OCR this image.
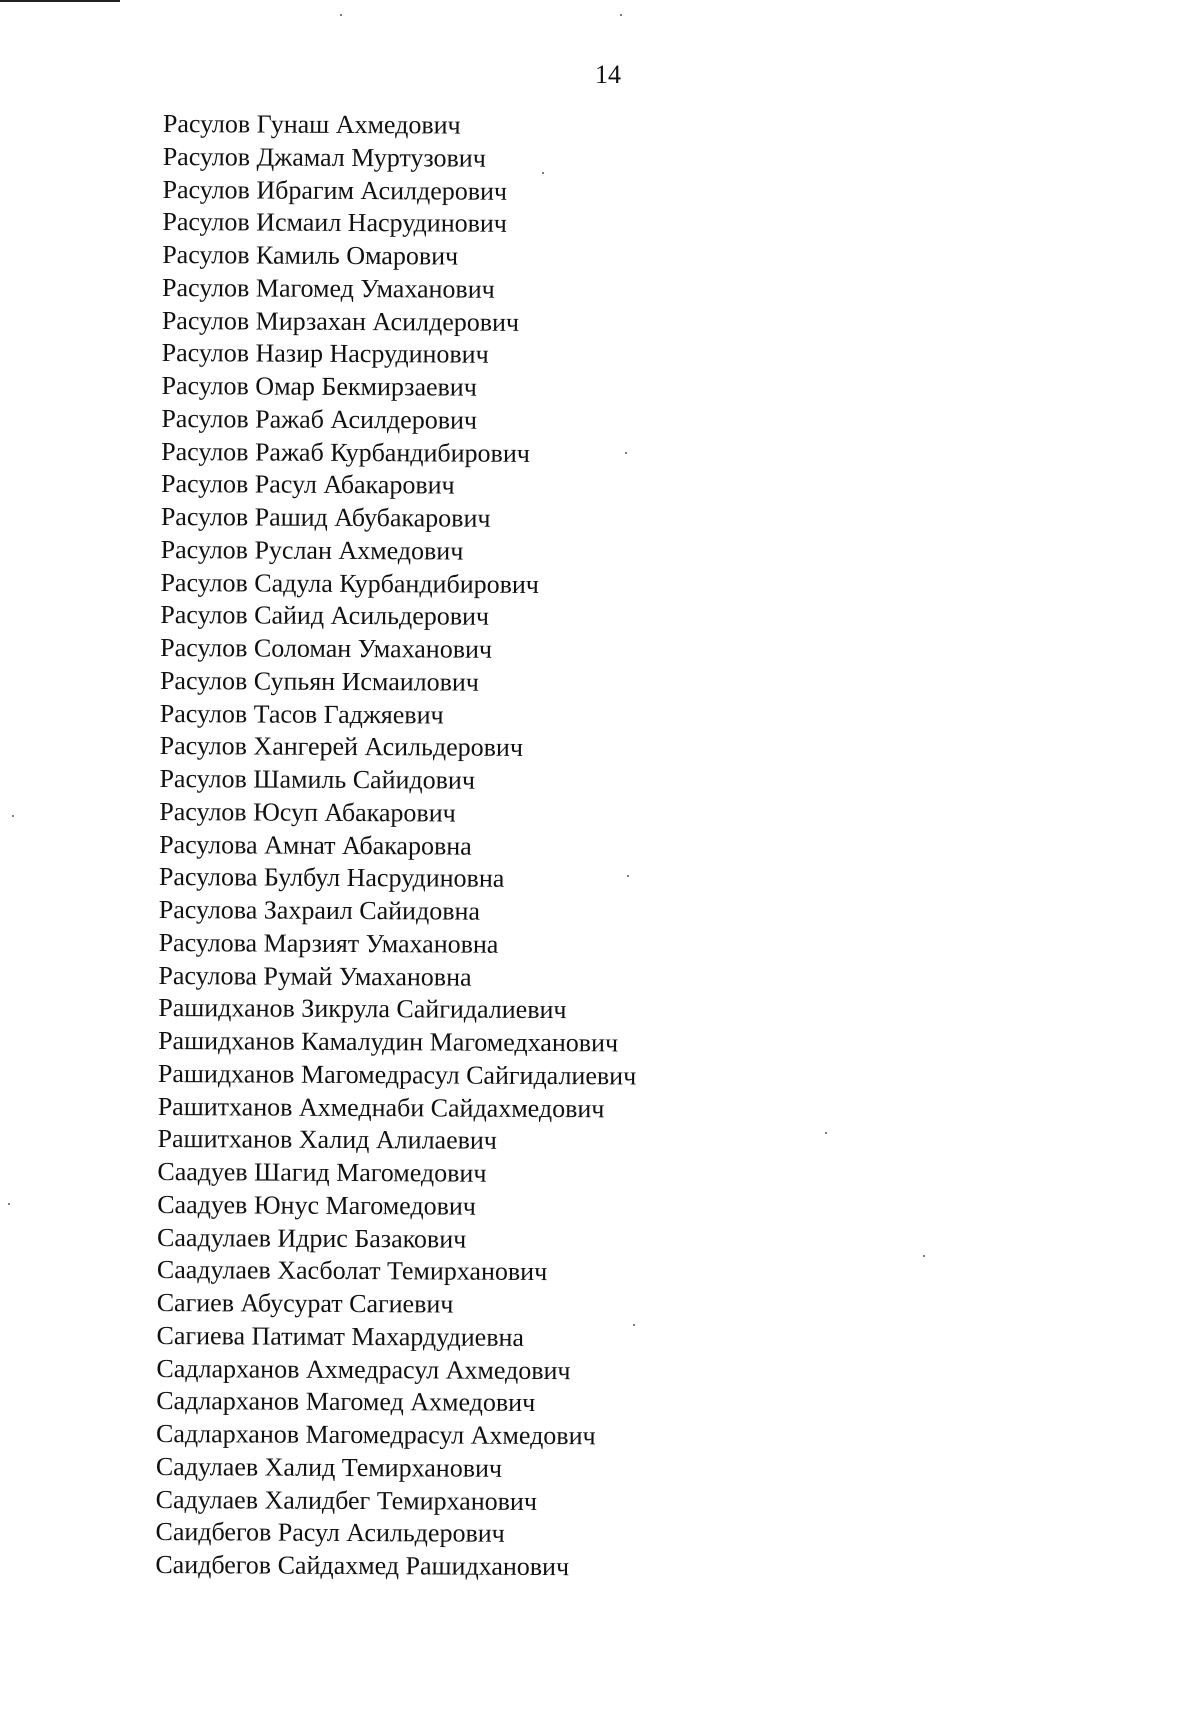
14
Расулов Гунаш Ахмедович
Расулов Джамал Муртузович
Расулов Ибрагим Асилдерович
Расулов Исмаил Насрудинович
Расулов Камиль Омарович
Расулов Магомед Умаханович
Расулов Мирзахан Асилдерович
Расулов Назир Насрудинович
Расулов Омар Бекмирзаевич
Расулов Ражаб Асилдерович
Расулов Ражаб Курбандибирович
Расулов Расул Абакарович
Расулов Рашид Абубакарович
Расулов Руслан Ахмедович
Расулов Садула Курбандибирович
Расулов Сайид Асильдерович
Расулов Соломан Умаханович
Расулов Супьян Исмаилович
Расулов Тасов Гаджяевич
Расулов Хангерей Асильдерович
Расулов Шамиль Сайидович
Расулов Юсуп Абакарович
Расулова Амнат Абакаровна
Расулова Булбул Насрудиновна
Расулова Захраил Сайидовна
Расулова Марзият Умахановна
Расулова Румай Умахановна
Рашидханов Зикрула Сайгидалиевич
Рашидханов Камалудин Магомедханович
Рашидханов Магомедрасул Сайгидалиевич
Рашитханов Ахмеднаби Сайдахмедович
Рашитханов Халид Алилаевич
Саадуев Шагид Магомедович
Саадуев Юнус Магомедович
Саадулаев Идрис Базакович
Саадулаев Хасболат Темирханович
Сагиев Абусурат Сагиевич
Сагиева Патимат Махардудиевна
Садларханов Ахмедрасул Ахмедович
Садларханов Магомед Ахмедович
Садларханов Магомедрасул Ахмедович
Садулаев Халид Темирханович
Садулаев Халидбег Темирханович
Саидбегов Расул Асильдерович
Саидбегов Сайдахмед Рашидханович
